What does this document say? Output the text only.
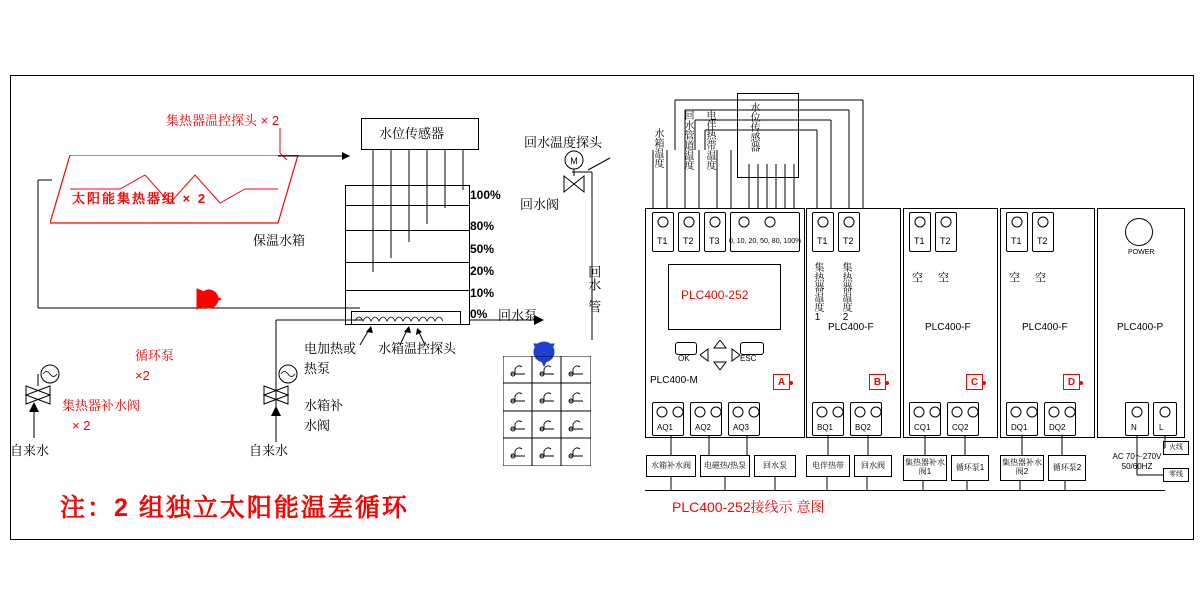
太阳能集热器组 × 2
集热器温控探头 × 2
水位传感器
100%
80%
50%
20%
10%
0%
保温水箱
电加热或
热泵
水箱温控探头
循环泵
×2
自来水
集热器补水阀
× 2
自来水
水箱补
水阀
M
回水温度探头
回水阀
回水
管
回水泵
注：2 组独立太阳能温差循环
水箱温度 回水管道温度 电伴热带温度	水位传感器
T1 T2 T3 0, 10, 20, 50, 80, 100%
PLC400-252
OK	ESC
PLC400-M	A
AQ1	AQ2	AQ3
水箱补水阀 电磁热/热泵 回水泵
T1 T2
集热器温度1 集热器温度2
PLC400-F
B
BQ1	BQ2
电伴热带 回水阀
T1 T2
空 空
PLC400-F
C
CQ1	CQ2
集热器补水阀1	循环泵1
T1 T2
空 空
PLC400-F
D
DQ1	DQ2
集热器补水阀2	循环泵2
POWER
PLC400-P
N	L
AC 70～270V 50/60HZ
火线
零线
PLC400-252接线示 意图
